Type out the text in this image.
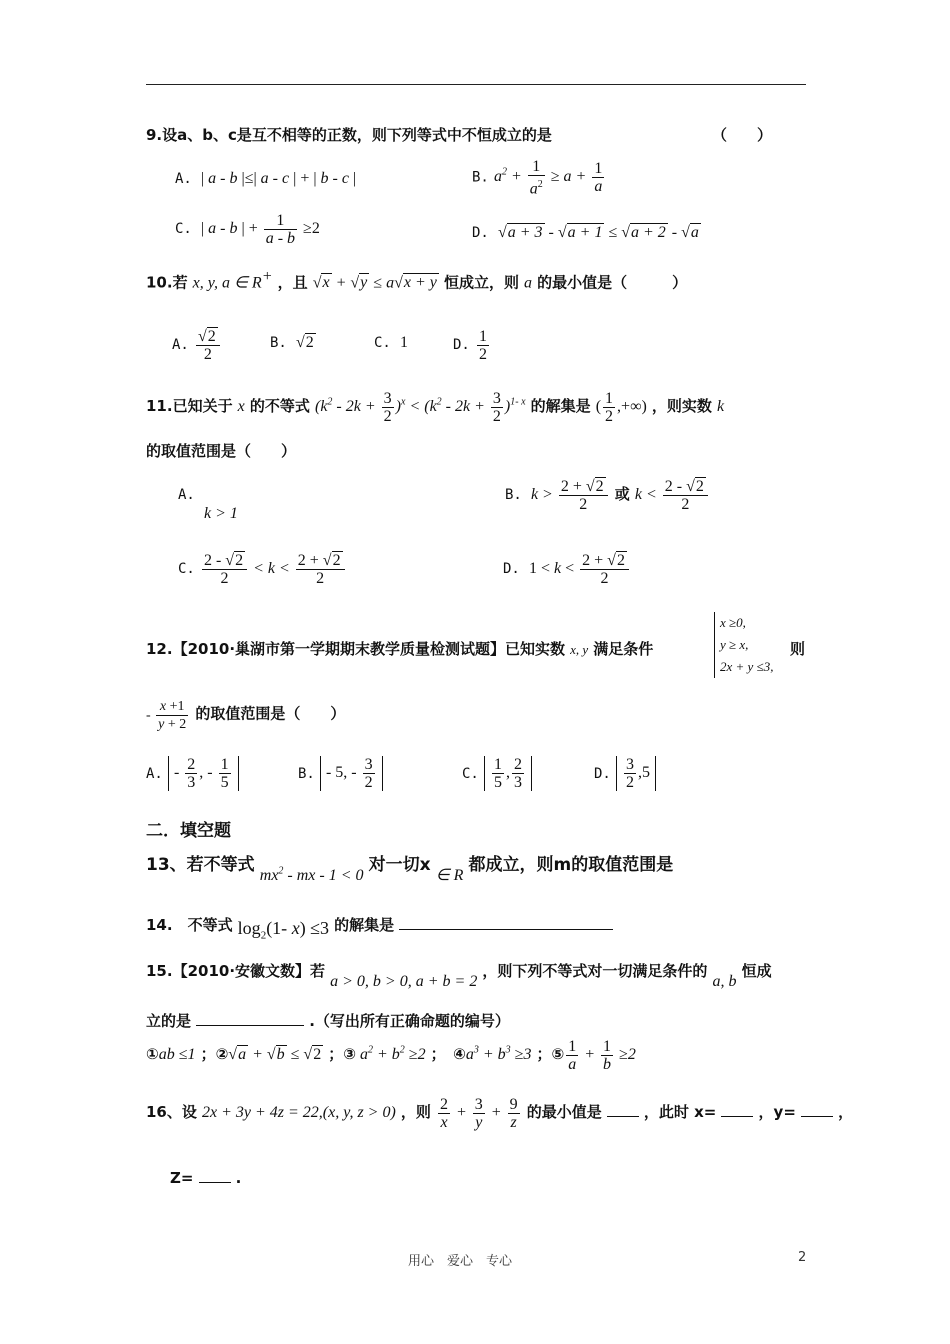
9.设a、b、c是互不相等的正数，则下列等式中不恒成立的是	（　　）
A.  | a - b |≤| a - c | + | b - c |	B. $a^2 + \frac{1}{a^2} \ge a + \frac{1}{a}$
C.  | a - b | + $\frac{1}{a - b} \ge 2$	D.  √a + 3 - √a + 1 ≤ √a + 2 - √a
10.若 x, y, a ∈ R+ ，且 √x + √y ≤ a√x + y 恒成立，则 a 的最小值是（　　　）
A. $\frac{√2}{2}$	B.  √2	C.  1	D. $\frac{1}{2}$
11.已知关于 x 的不等式 $(k^2 - 2k + \frac{3}{2} )^x < (k^2 - 2k + \frac{3}{2} )^{1- x}$ 的解集是 ( $\frac{1}{2}$ ,+∞) ，则实数 k
的取值范围是（　　）
A.
k > 1
B.  $k > \frac{2 + √2}{2}$ 或 $k < \frac{2 - √2}{2}$
C. $\frac{2 - √2}{2} < k < \frac{2 + √2}{2}$	D.  $1 < k < \frac{2 + √2}{2}$
12.【2010·巢湖市第一学期期末教学质量检测试题】已知实数 x, y 满足条件
x ≥0,
y ≥ x,
2x + y ≤3,
则
- $\frac{x +1}{y + 2}$ 的取值范围是（　　）
A. - $\frac{2}{3}$ , - $\frac{1}{5}$	B. - 5, - $\frac{3}{2}$	C. $\frac{1}{5}$ , $\frac{2}{3}$	D. $\frac{3}{2} ,5$
二．填空题
13、若不等式 $mx^2$ - mx - 1 < 0 对一切x ∈ R 都成立，则m的取值范围是
14.　不等式 $\log_2(1-$ x) ≤3 的解集是
15.【2010·安徽文数】若 a > 0, b > 0, a + b = 2 ，则下列不等式对一切满足条件的 a, b 恒成
立的是	.（写出所有正确命题的编号）
①ab ≤1 ；②√a + √b ≤ √2 ；③ $a^2 + b^2 \ge 2$ ；　$④a^3 + b^3 \ge 3$ ；⑤ $\frac{1}{a} + \frac{1}{b} \ge 2$
16、设 2x + 3y + 4z = 22,(x, y, z > 0) ，则 $\frac{2}{x} + \frac{3}{y} + \frac{9}{z}$ 的最小值是	，此时 x=	，y=	，
Z=	.
用心　爱心　专心	2
